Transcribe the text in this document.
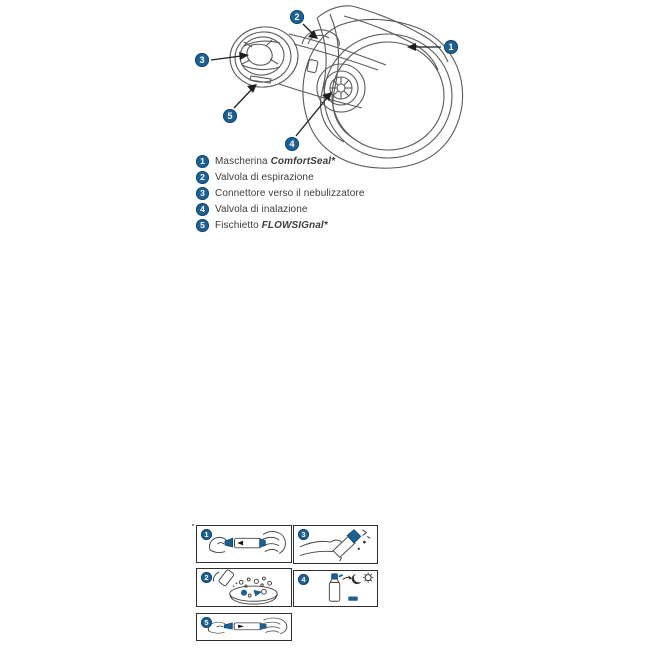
1
2
3
4
5
1	Mascherina ComfortSeal*
2	Valvola di espirazione
3	Connettore verso il nebulizzatore
4	Valvola di inalazione
5	Fischietto FLOWSIGnal*
1	3
2	4
5
